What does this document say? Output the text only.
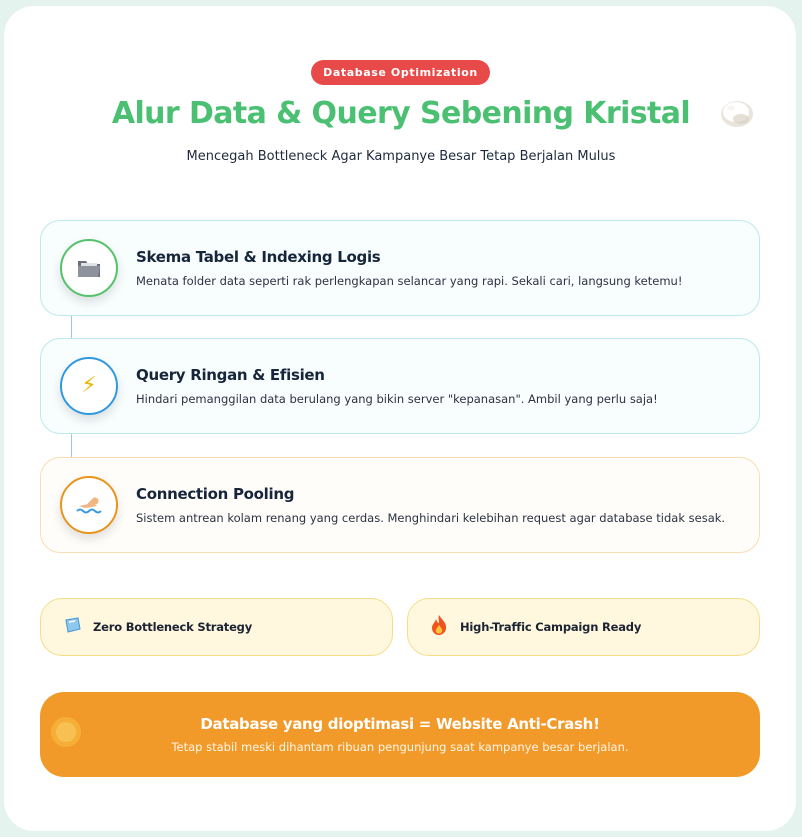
Database Optimization
Alur Data & Query Sebening Kristal
Mencegah Bottleneck Agar Kampanye Besar Tetap Berjalan Mulus
Skema Tabel & Indexing Logis
Menata folder data seperti rak perlengkapan selancar yang rapi. Sekali cari, langsung ketemu!
⚡	Query Ringan & Efisien
Hindari pemanggilan data berulang yang bikin server "kepanasan". Ambil yang perlu saja!
Connection Pooling
Sistem antrean kolam renang yang cerdas. Menghindari kelebihan request agar database tidak sesak.
Zero Bottleneck Strategy	High-Traffic Campaign Ready
Database yang dioptimasi = Website Anti-Crash!
Tetap stabil meski dihantam ribuan pengunjung saat kampanye besar berjalan.
